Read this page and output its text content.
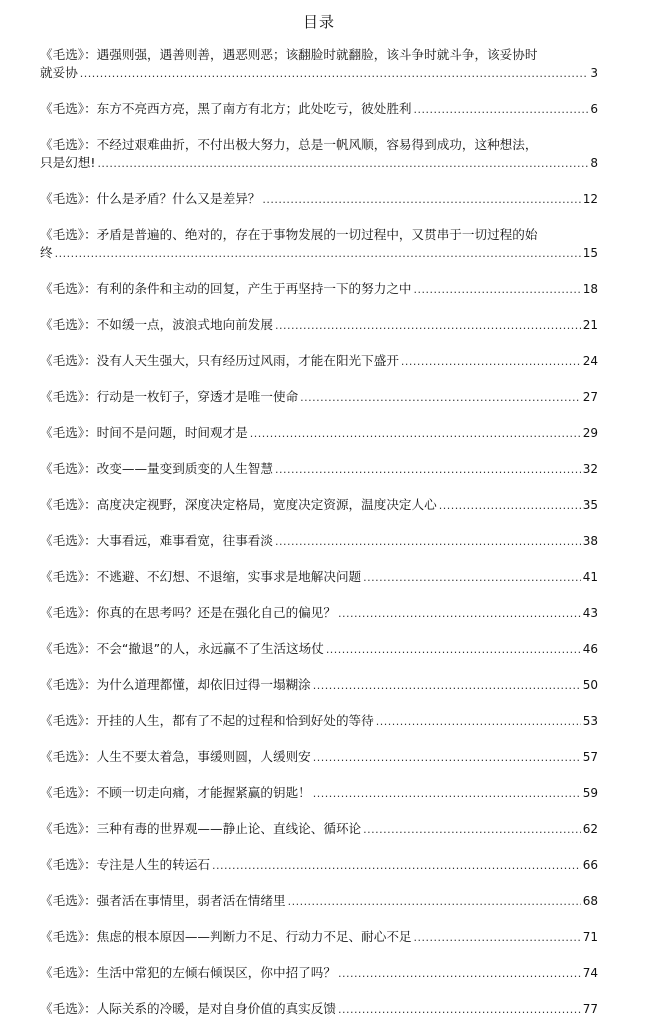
目录
《毛选》：遇强则强，遇善则善，遇恶则恶；该翻脸时就翻脸，该斗争时就斗争，该妥协时
就妥协 .....	3
《毛选》：东方不亮西方亮，黑了南方有北方；此处吃亏，彼处胜利 .....	6
《毛选》：不经过艰难曲折，不付出极大努力，总是一帆风顺，容易得到成功，这种想法，
只是幻想! .....	8
《毛选》：什么是矛盾？什么又是差异？ .....	12
《毛选》：矛盾是普遍的、绝对的，存在于事物发展的一切过程中，又贯串于一切过程的始
终 .....	15
《毛选》：有利的条件和主动的回复，产生于再坚持一下的努力之中 .....	18
《毛选》：不如缓一点，波浪式地向前发展 .....	21
《毛选》：没有人天生强大，只有经历过风雨，才能在阳光下盛开 .....	24
《毛选》：行动是一枚钉子，穿透才是唯一使命 .....	27
《毛选》：时间不是问题，时间观才是 .....	29
《毛选》：改变——量变到质变的人生智慧 .....	32
《毛选》：高度决定视野，深度决定格局，宽度决定资源，温度决定人心 .....	35
《毛选》：大事看远，难事看宽，往事看淡 .....	38
《毛选》：不逃避、不幻想、不退缩，实事求是地解决问题 .....	41
《毛选》：你真的在思考吗？还是在强化自己的偏见？ .....	43
《毛选》：不会“撤退”的人，永远赢不了生活这场仗 .....	46
《毛选》：为什么道理都懂，却依旧过得一塌糊涂 .....	50
《毛选》：开挂的人生，都有了不起的过程和恰到好处的等待 .....	53
《毛选》：人生不要太着急，事缓则圆，人缓则安 .....	57
《毛选》：不顾一切走向痛，才能握紧赢的钥匙！ .....	59
《毛选》：三种有毒的世界观——静止论、直线论、循环论 .....	62
《毛选》：专注是人生的转运石 .....	66
《毛选》：强者活在事情里，弱者活在情绪里 .....	68
《毛选》：焦虑的根本原因——判断力不足、行动力不足、耐心不足 .....	71
《毛选》：生活中常犯的左倾右倾误区，你中招了吗？ .....	74
《毛选》：人际关系的冷暖，是对自身价值的真实反馈 .....	77
